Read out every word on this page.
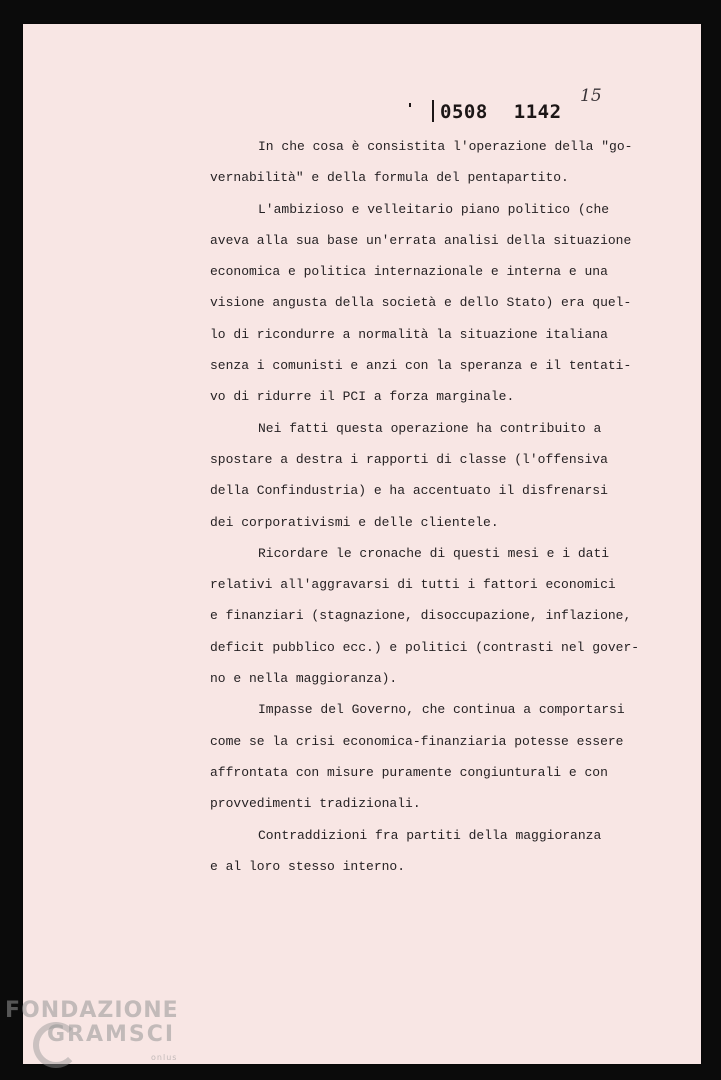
0508 1142
15
In che cosa è consistita l'operazione della "go-
vernabilità" e della formula del pentapartito.
L'ambizioso e velleitario piano politico (che
aveva alla sua base un'errata analisi della situazione
economica e politica internazionale e interna e una
visione angusta della società e dello Stato) era quel-
lo di ricondurre a normalità la situazione italiana
senza i comunisti e anzi con la speranza e il tentati-
vo di ridurre il PCI a forza marginale.
Nei fatti questa operazione ha contribuito a
spostare a destra i rapporti di classe (l'offensiva
della Confindustria) e ha accentuato il disfrenarsi
dei corporativismi e delle clientele.
Ricordare le cronache di questi mesi e i dati
relativi all'aggravarsi di tutti i fattori economici
e finanziari (stagnazione, disoccupazione, inflazione,
deficit pubblico ecc.) e politici (contrasti nel gover-
no e nella maggioranza).
Impasse del Governo, che continua a comportarsi
come se la crisi economica-finanziaria potesse essere
affrontata con misure puramente congiunturali e con
provvedimenti tradizionali.
Contraddizioni fra partiti della maggioranza
e al loro stesso interno.
FONDAZIONE
GRAMSCI
onlus
